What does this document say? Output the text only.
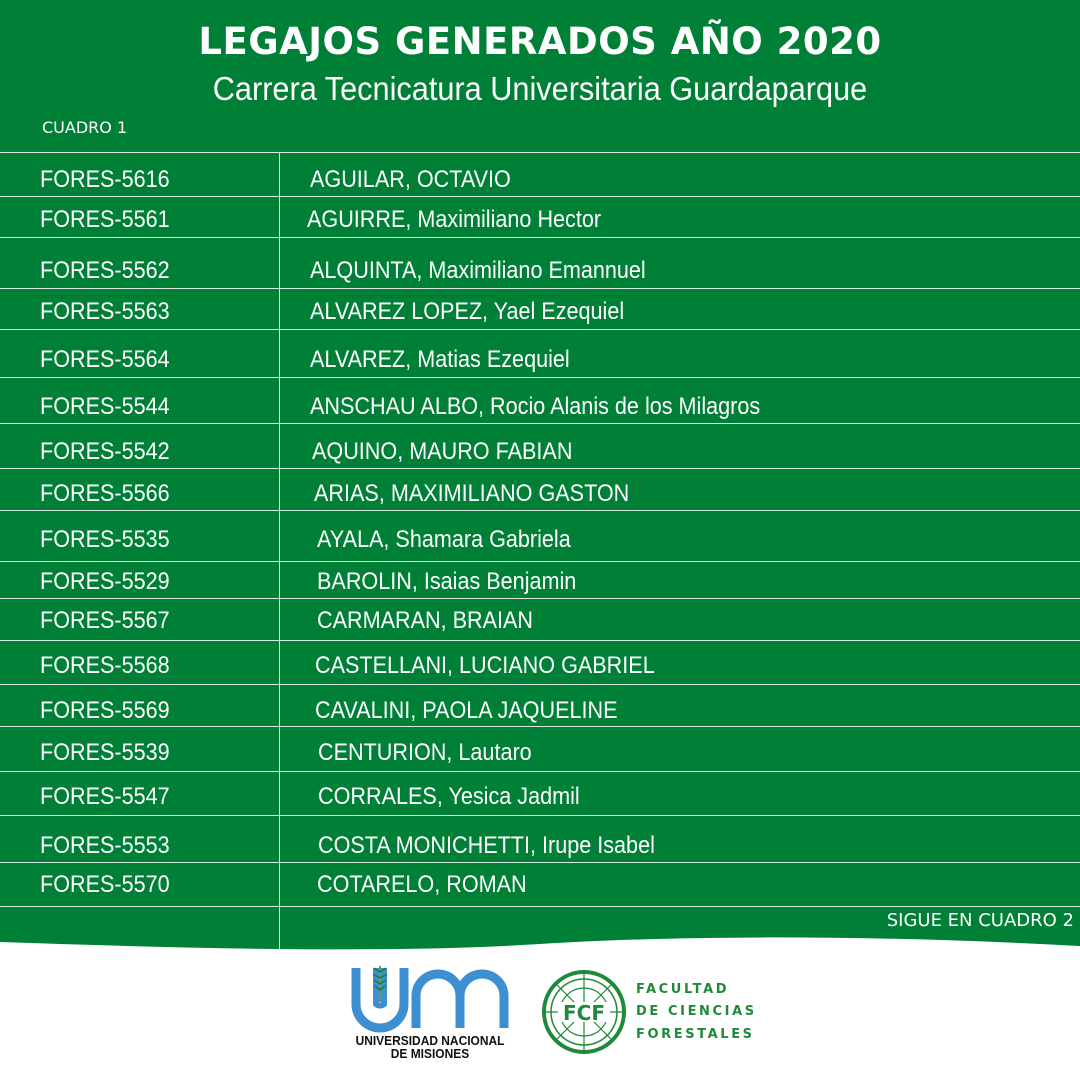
LEGAJOS GENERADOS AÑO 2020
Carrera Tecnicatura Universitaria Guardaparque
CUADRO 1
FORES-5616	AGUILAR, OCTAVIO
FORES-5561	AGUIRRE, Maximiliano Hector
FORES-5562	ALQUINTA, Maximiliano Emannuel
FORES-5563	ALVAREZ LOPEZ, Yael Ezequiel
FORES-5564	ALVAREZ, Matias Ezequiel
FORES-5544	ANSCHAU ALBO, Rocio Alanis de los Milagros
FORES-5542	AQUINO, MAURO FABIAN
FORES-5566	ARIAS, MAXIMILIANO GASTON
FORES-5535	AYALA, Shamara Gabriela
FORES-5529	BAROLIN, Isaias Benjamin
FORES-5567	CARMARAN, BRAIAN
FORES-5568	CASTELLANI, LUCIANO GABRIEL
FORES-5569	CAVALINI, PAOLA JAQUELINE
FORES-5539	CENTURION, Lautaro
FORES-5547	CORRALES, Yesica Jadmil
FORES-5553	COSTA MONICHETTI, Irupe Isabel
FORES-5570	COTARELO, ROMAN
SIGUE EN CUADRO 2
UNIVERSIDAD NACIONAL
DE MISIONES
FCF
FACULTAD
DE CIENCIAS
FORESTALES
